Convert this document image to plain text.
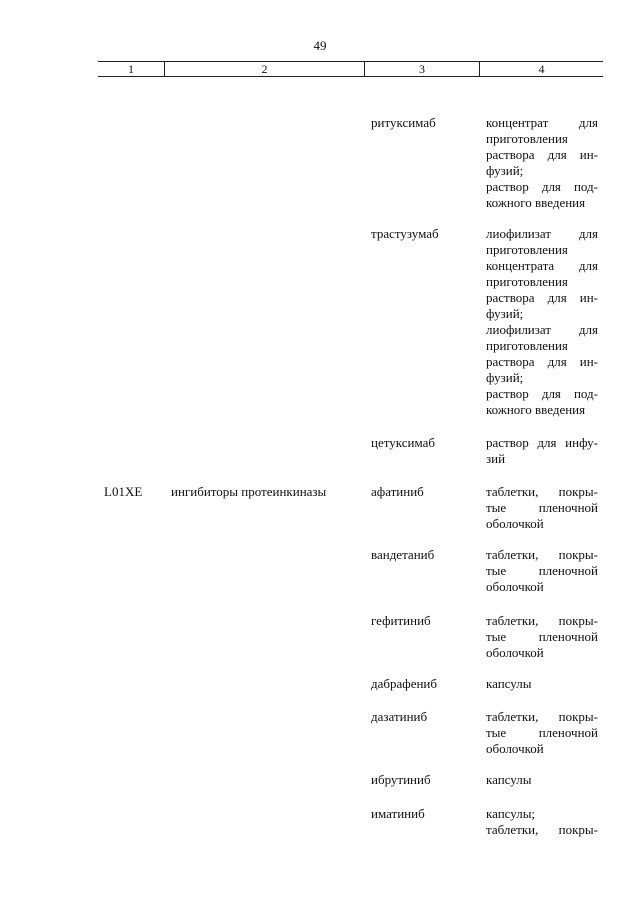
49
1	2	3	4
ритуксимаб	концентрат для
приготовления
раствора для ин-
фузий;
раствор для под-
кожного введения
трастузумаб	лиофилизат для
приготовления
концентрата для
приготовления
раствора для ин-
фузий;
лиофилизат для
приготовления
раствора для ин-
фузий;
раствор для под-
кожного введения
цетуксимаб	раствор для инфу-
зий
L01XE	ингибиторы протеинкиназы	афатиниб	таблетки, покры-
тые пленочной
оболочкой
вандетаниб	таблетки, покры-
тые пленочной
оболочкой
гефитиниб	таблетки, покры-
тые пленочной
оболочкой
дабрафениб	капсулы
дазатиниб	таблетки, покры-
тые пленочной
оболочкой
ибрутиниб	капсулы
иматиниб	капсулы;
таблетки, покры-
